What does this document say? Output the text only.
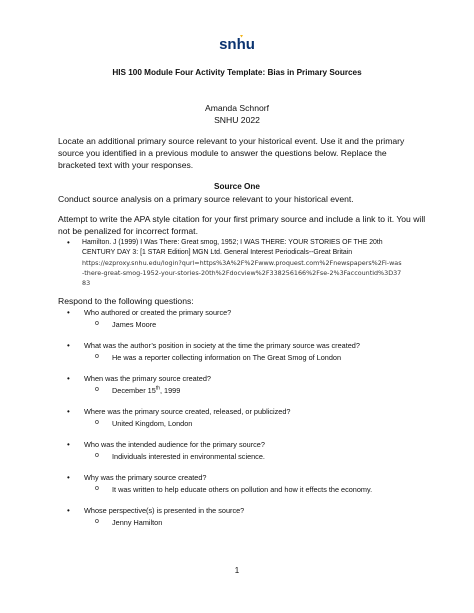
snhu
HIS 100 Module Four Activity Template: Bias in Primary Sources
Amanda Schnorf
SNHU 2022
Locate an additional primary source relevant to your historical event. Use it and the primary source you identified in a previous module to answer the questions below. Replace the bracketed text with your responses.
Source One
Conduct source analysis on a primary source relevant to your historical event.
Attempt to write the APA style citation for your first primary source and include a link to it. You will not be penalized for incorrect format.
• Hamilton. J (1999) I Was There: Great smog, 1952; I WAS THERE: YOUR STORIES OF THE 20th CENTURY DAY 3: [1 STAR Edition] MGN Ltd. General Interest Periodicals--Great Britain
https://ezproxy.snhu.edu/login?qurl=https%3A%2F%2Fwww.proquest.com%2Fnewspapers%2Fi-was-there-great-smog-1952-your-stories-20th%2Fdocview%2F338256166%2Fse-2%3Faccountid%3D3783
Respond to the following questions:
• Who authored or created the primary source?
o James Moore
• What was the author’s position in society at the time the primary source was created?
o He was a reporter collecting information on The Great Smog of London
• When was the primary source created?
o December 15th, 1999
• Where was the primary source created, released, or publicized?
o United Kingdom, London
• Who was the intended audience for the primary source?
o Individuals interested in environmental science.
• Why was the primary source created?
o It was written to help educate others on pollution and how it effects the economy.
• Whose perspective(s) is presented in the source?
o Jenny Hamilton
1
